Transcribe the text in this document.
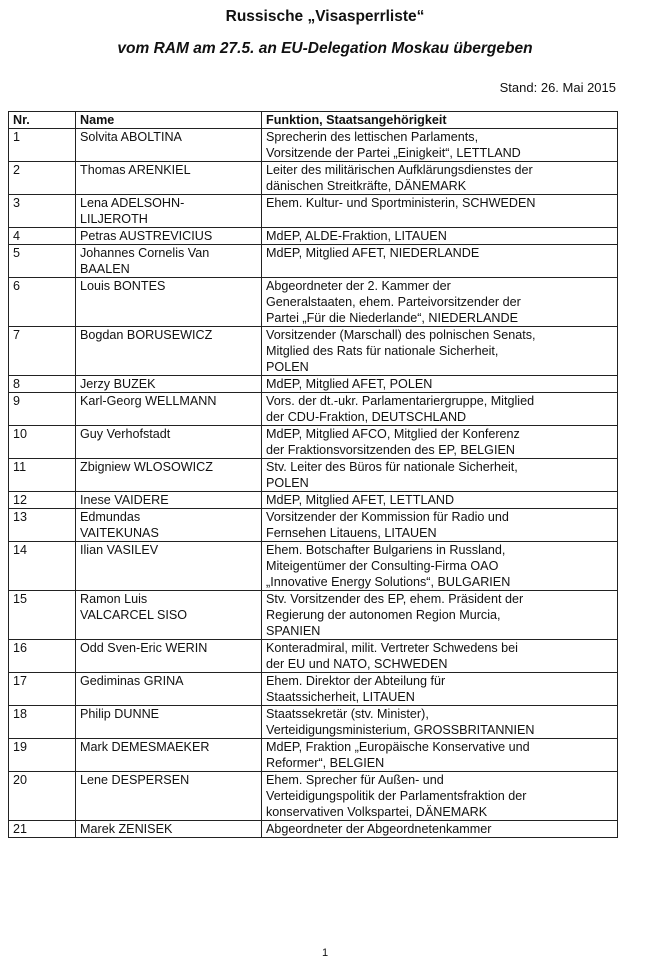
Russische „Visasperrliste“
vom RAM am 27.5. an EU-Delegation Moskau übergeben
Stand: 26. Mai 2015
Nr.	Name	Funktion, Staatsangehörigkeit
1	Solvita ABOLTINA	Sprecherin des lettischen Parlaments,
Vorsitzende der Partei „Einigkeit“, LETTLAND
2	Thomas ARENKIEL	Leiter des militärischen Aufklärungsdienstes der
dänischen Streitkräfte, DÄNEMARK
3	Lena ADELSOHN-
LILJEROTH	Ehem. Kultur- und Sportministerin, SCHWEDEN
4	Petras AUSTREVICIUS	MdEP, ALDE-Fraktion, LITAUEN
5	Johannes Cornelis Van
BAALEN	MdEP, Mitglied AFET, NIEDERLANDE
6	Louis BONTES	Abgeordneter der 2. Kammer der
Generalstaaten, ehem. Parteivorsitzender der
Partei „Für die Niederlande“, NIEDERLANDE
7	Bogdan BORUSEWICZ	Vorsitzender (Marschall) des polnischen Senats,
Mitglied des Rats für nationale Sicherheit,
POLEN
8	Jerzy BUZEK	MdEP, Mitglied AFET, POLEN
9	Karl-Georg WELLMANN	Vors. der dt.-ukr. Parlamentariergruppe, Mitglied
der CDU-Fraktion, DEUTSCHLAND
10	Guy Verhofstadt	MdEP, Mitglied AFCO, Mitglied der Konferenz
der Fraktionsvorsitzenden des EP, BELGIEN
11	Zbigniew WLOSOWICZ	Stv. Leiter des Büros für nationale Sicherheit,
POLEN
12	Inese VAIDERE	MdEP, Mitglied AFET, LETTLAND
13	Edmundas
VAITEKUNAS	Vorsitzender der Kommission für Radio und
Fernsehen Litauens, LITAUEN
14	Ilian VASILEV	Ehem. Botschafter Bulgariens in Russland,
Miteigentümer der Consulting-Firma OAO
„Innovative Energy Solutions“, BULGARIEN
15	Ramon Luis
VALCARCEL SISO	Stv. Vorsitzender des EP, ehem. Präsident der
Regierung der autonomen Region Murcia,
SPANIEN
16	Odd Sven-Eric WERIN	Konteradmiral, milit. Vertreter Schwedens bei
der EU und NATO, SCHWEDEN
17	Gediminas GRINA	Ehem. Direktor der Abteilung für
Staatssicherheit, LITAUEN
18	Philip DUNNE	Staatssekretär (stv. Minister),
Verteidigungsministerium, GROSSBRITANNIEN
19	Mark DEMESMAEKER	MdEP, Fraktion „Europäische Konservative und
Reformer“, BELGIEN
20	Lene DESPERSEN	Ehem. Sprecher für Außen- und
Verteidigungspolitik der Parlamentsfraktion der
konservativen Volkspartei, DÄNEMARK
21	Marek ZENISEK	Abgeordneter der Abgeordnetenkammer
1
